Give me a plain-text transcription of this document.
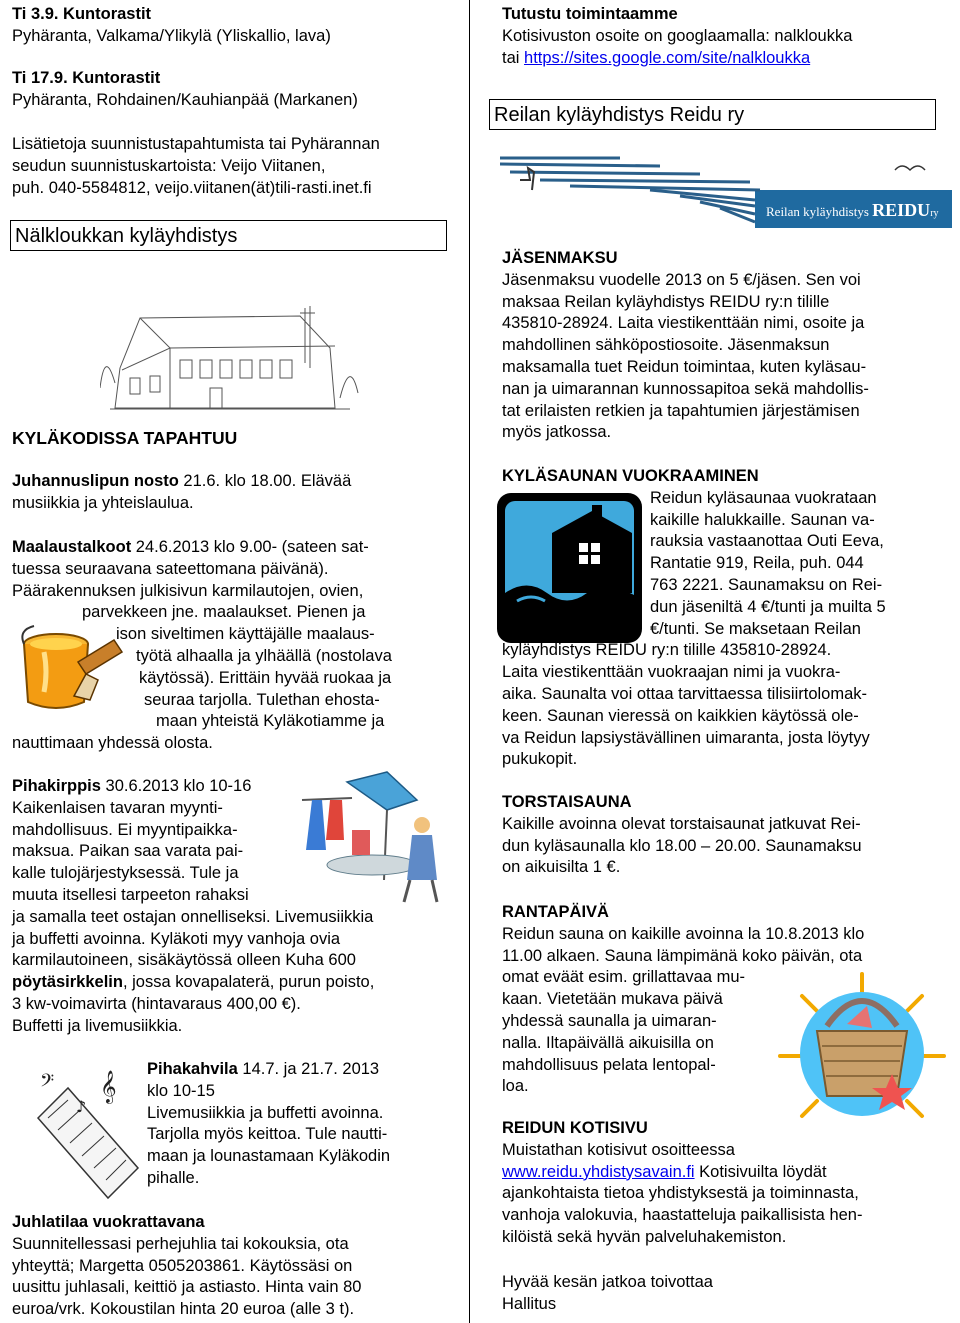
Ti 3.9. Kuntorastit
Pyhäranta, Valkama/Ylikylä (Yliskallio, lava)
Ti 17.9. Kuntorastit
Pyhäranta, Rohdainen/Kauhianpää (Markanen)
Lisätietoja suunnistustapahtumista tai Pyhärannan
seudun suunnistuskartoista: Veijo Viitanen,
puh. 040-5584812, veijo.viitanen(ät)tili-rasti.inet.fi
Nälkloukkan kyläyhdistys
KYLÄKODISSA TAPAHTUU
Juhannuslipun nosto 21.6. klo 18.00. Elävää
musiikkia ja yhteislaulua.
Maalaustalkoot 24.6.2013 klo 9.00- (sateen sat-
tuessa seuraavana sateettomana päivänä).
Päärakennuksen julkisivun karmilautojen, ovien,
parvekkeen jne. maalaukset. Pienen ja
ison siveltimen käyttäjälle maalaus-
työtä alhaalla ja ylhäällä (nostolava
käytössä). Erittäin hyvää ruokaa ja
seuraa tarjolla. Tulethan ehosta-
maan yhteistä Kyläkotiamme ja
nauttimaan yhdessä olosta.
Pihakirppis 30.6.2013 klo 10-16
Kaikenlaisen tavaran myynti-
mahdollisuus. Ei myyntipaikka-
maksua. Paikan saa varata pai-
kalle tulojärjestyksessä. Tule ja
muuta itsellesi tarpeeton rahaksi
ja samalla teet ostajan onnelliseksi. Livemusiikkia
ja buffetti avoinna. Kyläkoti myy vanhoja ovia
karmilautoineen, sisäkäytössä olleen Kuha 600
pöytäsirkkelin, jossa kovapalaterä, purun poisto,
3 kw-voimavirta (hintavaraus 400,00 €).
Buffetti ja livemusiikkia.
𝄞
𝄢
♪
Pihakahvila 14.7. ja 21.7. 2013
klo 10-15
Livemusiikkia ja buffetti avoinna.
Tarjolla myös keittoa. Tule nautti-
maan ja lounastamaan Kyläkodin
pihalle.
Juhlatilaa vuokrattavana
Suunnitellessasi perhejuhlia tai kokouksia, ota
yhteyttä; Margetta 0505203861. Käytössäsi on
uusittu juhlasali, keittiö ja astiasto. Hinta vain 80
euroa/vrk. Kokoustilan hinta 20 euroa (alle 3 t).
Tutustu toimintaamme
Kotisivuston osoite on googlaamalla: nalkloukka
tai https://sites.google.com/site/nalkloukka
Reilan kyläyhdistys Reidu ry
Reilan kyläyhdistys REIDUry
JÄSENMAKSU
Jäsenmaksu vuodelle 2013 on 5 €/jäsen. Sen voi
maksaa Reilan kyläyhdistys REIDU ry:n tilille
435810-28924. Laita viestikenttään nimi, osoite ja
mahdollinen sähköpostiosoite. Jäsenmaksun
maksamalla tuet Reidun toimintaa, kuten kyläsau-
nan ja uimarannan kunnossapitoa sekä mahdollis-
tat erilaisten retkien ja tapahtumien järjestämisen
myös jatkossa.
KYLÄSAUNAN VUOKRAAMINEN
Reidun kyläsaunaa vuokrataan
kaikille halukkaille. Saunan va-
rauksia vastaanottaa Outi Eeva,
Rantatie 919, Reila, puh. 044
763 2221. Saunamaksu on Rei-
dun jäseniltä 4 €/tunti ja muilta 5
€/tunti. Se maksetaan Reilan
kyläyhdistys REIDU ry:n tilille 435810-28924.
Laita viestikenttään vuokraajan nimi ja vuokra-
aika. Saunalta voi ottaa tarvittaessa tilisiirtolomak-
keen. Saunan vieressä on kaikkien käytössä ole-
va Reidun lapsiystävällinen uimaranta, josta löytyy
pukukopit.
TORSTAISAUNA
Kaikille avoinna olevat torstaisaunat jatkuvat Rei-
dun kyläsaunalla klo 18.00 – 20.00. Saunamaksu
on aikuisilta 1 €.
RANTAPÄIVÄ
Reidun sauna on kaikille avoinna la 10.8.2013 klo
11.00 alkaen. Sauna lämpimänä koko päivän, ota
omat eväät esim. grillattavaa mu-
kaan. Vietetään mukava päivä
yhdessä saunalla ja uimaran-
nalla. Iltapäivällä aikuisilla on
mahdollisuus pelata lentopal-
loa.
REIDUN KOTISIVU
Muistathan kotisivut osoitteessa
www.reidu.yhdistysavain.fi Kotisivuilta löydät
ajankohtaista tietoa yhdistyksestä ja toiminnasta,
vanhoja valokuvia, haastatteluja paikallisista hen-
kilöistä sekä hyvän palveluhakemiston.
Hyvää kesän jatkoa toivottaa
Hallitus
